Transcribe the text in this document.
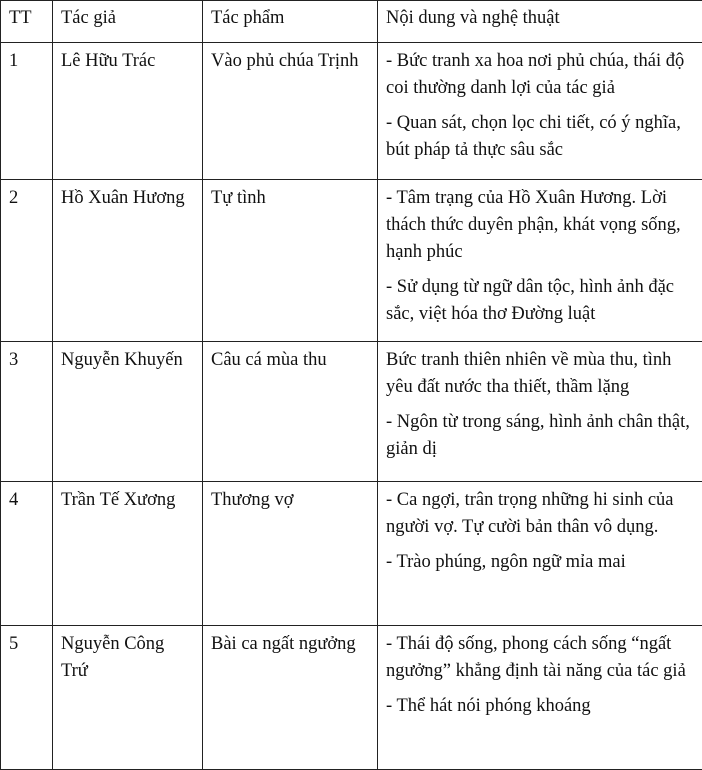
TT	Tác giả	Tác phẩm	Nội dung và nghệ thuật
1	Lê Hữu Trác	Vào phủ chúa Trịnh	- Bức tranh xa hoa nơi phủ chúa, thái độ coi thường danh lợi của tác giả

- Quan sát, chọn lọc chi tiết, có ý nghĩa, bút pháp tả thực sâu sắc

2	Hồ Xuân Hương	Tự tình	- Tâm trạng của Hồ Xuân Hương. Lời thách thức duyên phận, khát vọng sống, hạnh phúc

- Sử dụng từ ngữ dân tộc, hình ảnh đặc sắc, việt hóa thơ Đường luật

3	Nguyễn Khuyến	Câu cá mùa thu	Bức tranh thiên nhiên về mùa thu, tình yêu đất nước tha thiết, thầm lặng

- Ngôn từ trong sáng, hình ảnh chân thật, giản dị

4	Trần Tế Xương	Thương vợ	- Ca ngợi, trân trọng những hi sinh của người vợ. Tự cười bản thân vô dụng.

- Trào phúng, ngôn ngữ mỉa mai

5	Nguyễn Công Trứ	Bài ca ngất ngưởng	- Thái độ sống, phong cách sống “ngất ngưởng” khẳng định tài năng của tác giả

- Thể hát nói phóng khoáng
